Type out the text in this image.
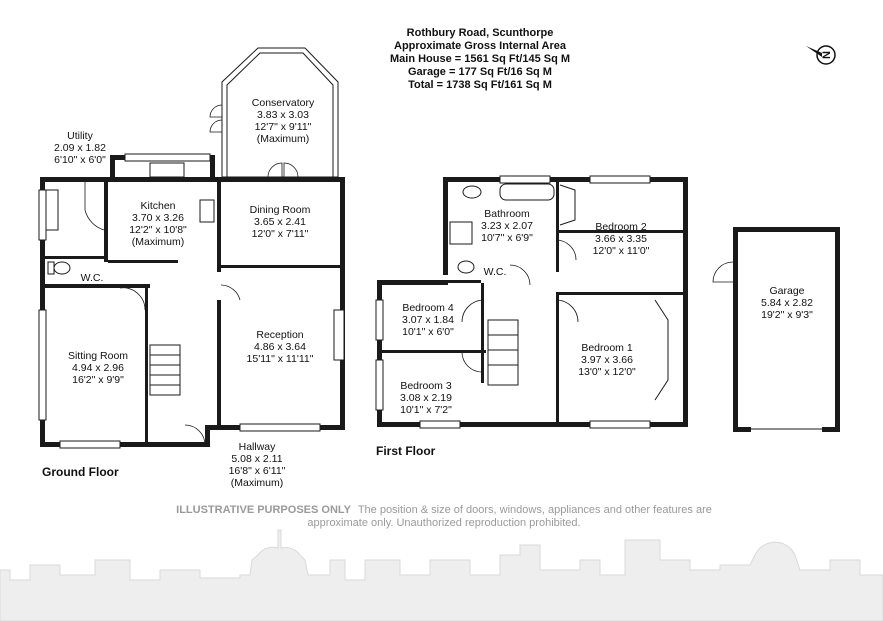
Rothbury Road, Scunthorpe
Approximate Gross Internal Area
Main House = 1561 Sq Ft/145 Sq M
Garage = 177 Sq Ft/16 Sq M
Total = 1738 Sq Ft/161 Sq M
N
Conservatory
3.83 x 3.03
12'7" x 9'11"
(Maximum)
Utility
2.09 x 1.82
6'10" x 6'0"
Kitchen
3.70 x 3.26
12'2" x 10'8"
(Maximum)
Dining Room
3.65 x 2.41
12'0" x 7'11"
W.C.
Reception
4.86 x 3.64
15'11" x 11'11"
Sitting Room
4.94 x 2.96
16'2" x 9'9"
Hallway
5.08 x 2.11
16'8" x 6'11"
(Maximum)
Ground Floor
Bathroom
3.23 x 2.07
10'7" x 6'9"
Bedroom 2
3.66 x 3.35
12'0" x 11'0"
W.C.
Bedroom 4
3.07 x 1.84
10'1" x 6'0"
Bedroom 1
3.97 x 3.66
13'0" x 12'0"
Bedroom 3
3.08 x 2.19
10'1" x 7'2"
First Floor
Garage
5.84 x 2.82
19'2" x 9'3"
ILLUSTRATIVE PURPOSES ONLY The position & size of doors, windows, appliances and other features are
approximate only. Unauthorized reproduction prohibited.
